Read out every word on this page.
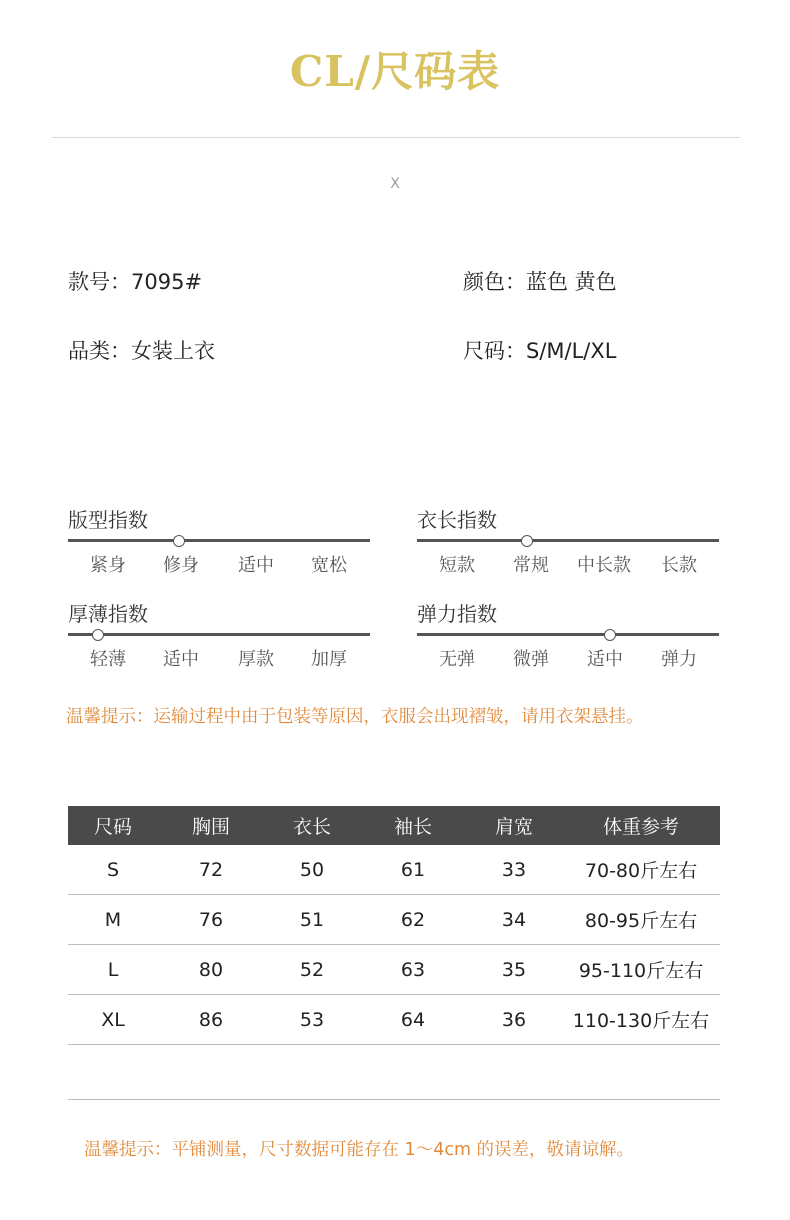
CL/尺码表
X
款号：7095#	颜色：蓝色 黄色
品类：女装上衣	尺码：S/M/L/XL
版型指数
紧身	修身	适中	宽松
衣长指数
短款	常规	中长款	长款
厚薄指数
轻薄	适中	厚款	加厚
弹力指数
无弹	微弹	适中	弹力
温馨提示：运输过程中由于包装等原因，衣服会出现褶皱，请用衣架悬挂。
尺码	胸围	衣长	袖长	肩宽	体重参考
S	72	50	61	33	70-80斤左右
M	76	51	62	34	80-95斤左右
L	80	52	63	35	95-110斤左右
XL	86	53	64	36	110-130斤左右
温馨提示：平铺测量，尺寸数据可能存在 1～4cm 的误差，敬请谅解。
